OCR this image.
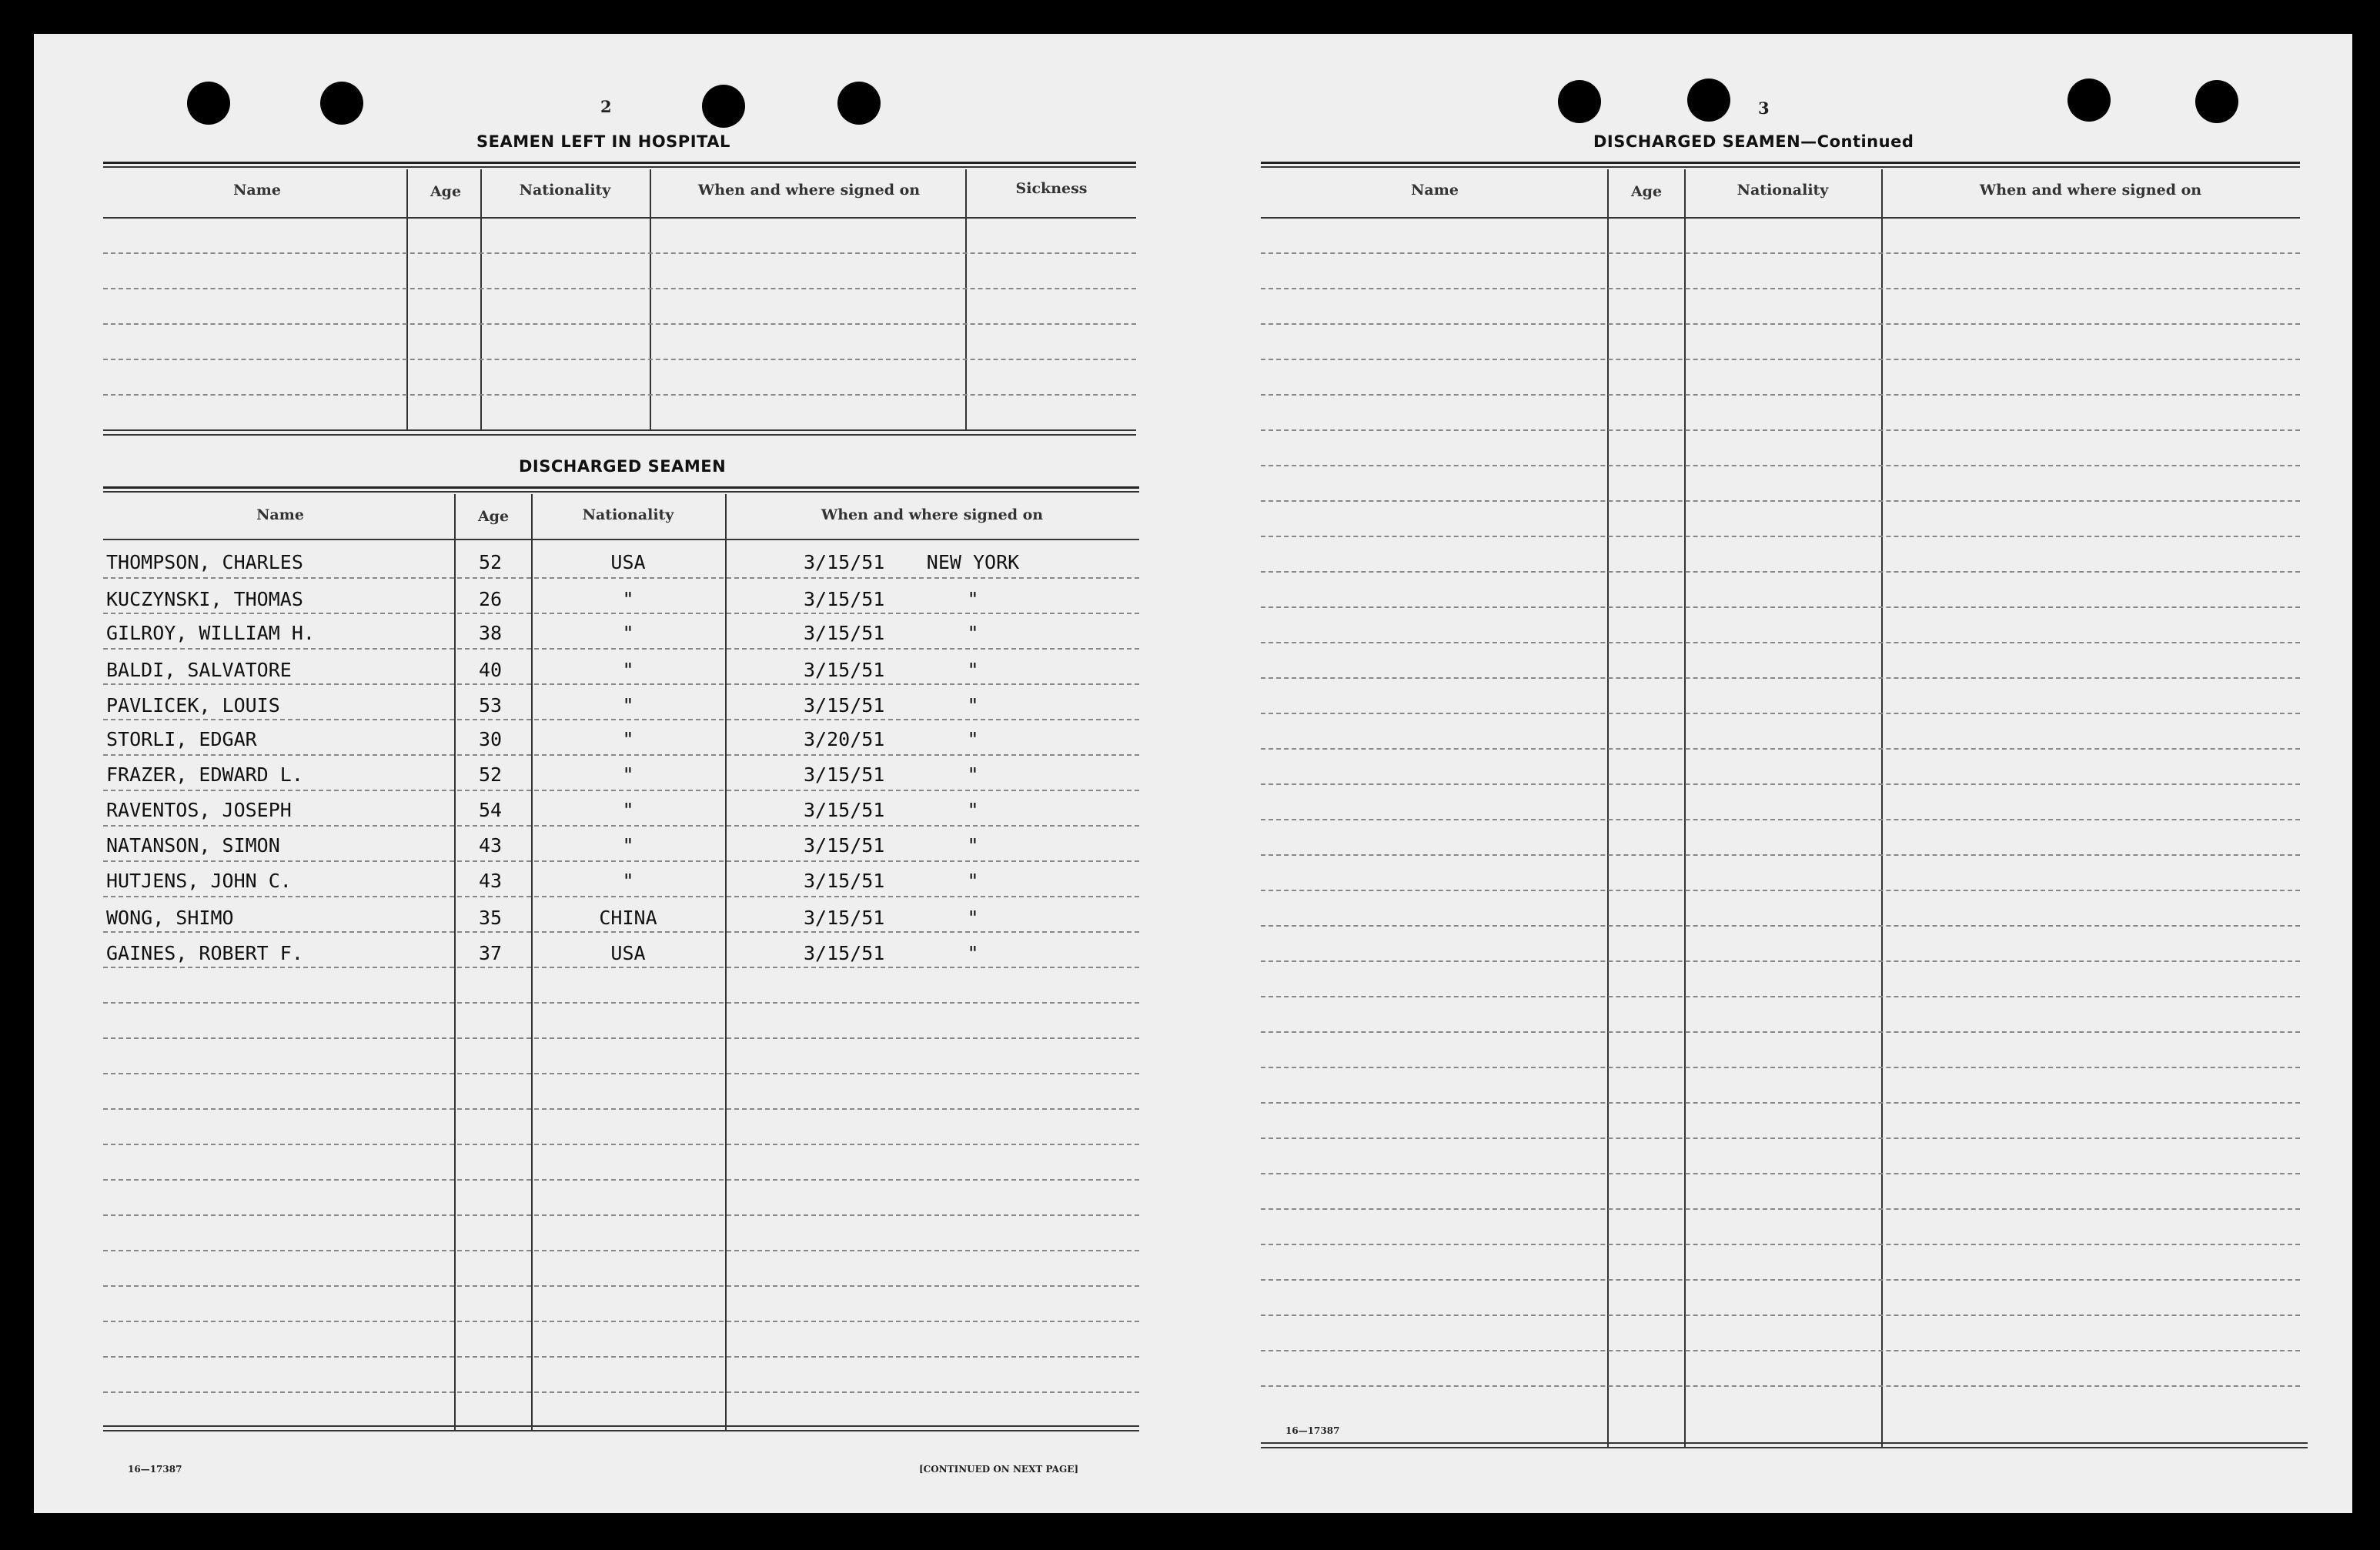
2
SEAMEN LEFT IN HOSPITAL
Name	Age	Nationality	When and where signed on	Sickness
DISCHARGED SEAMEN
Name	Age	Nationality	When and where signed on
THOMPSON, CHARLES	52	USA	3/15/51	NEW YORK
KUCZYNSKI, THOMAS	26	"	3/15/51	"
GILROY, WILLIAM H.	38	"	3/15/51	"
BALDI, SALVATORE	40	"	3/15/51	"
PAVLICEK, LOUIS	53	"	3/15/51	"
STORLI, EDGAR	30	"	3/20/51	"
FRAZER, EDWARD L.	52	"	3/15/51	"
RAVENTOS, JOSEPH	54	"	3/15/51	"
NATANSON, SIMON	43	"	3/15/51	"
HUTJENS, JOHN C.	43	"	3/15/51	"
WONG, SHIMO	35	CHINA	3/15/51	"
GAINES, ROBERT F.	37	USA	3/15/51	"
16—17387	[CONTINUED ON NEXT PAGE]
3
DISCHARGED SEAMEN—Continued
Name	Age	Nationality	When and where signed on
16—17387
